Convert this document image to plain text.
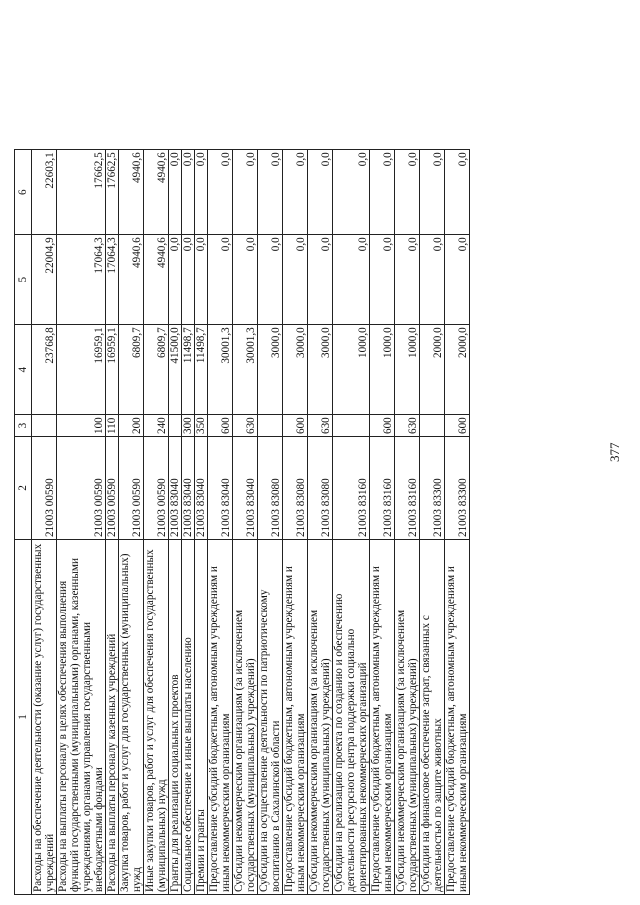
377
1	2	3	4	5	6
Расходы на обеспечение деятельности (оказание услуг) государственных учреждений	21003 00590		23768,8	22004,9	22603,1
Расходы на выплаты персоналу в целях обеспечения выполнения функций государственными (муниципальными) органами, казенными учреждениями, органами управления государственными внебюджетными фондами	21003 00590	100	16959,1	17064,3	17662,5
Расходы на выплаты персоналу казенных учреждений	21003 00590	110	16959,1	17064,3	17662,5
Закупка товаров, работ и услуг для государственных (муниципальных) нужд	21003 00590	200	6809,7	4940,6	4940,6
Иные закупки товаров, работ и услуг для обеспечения государственных (муниципальных) нужд	21003 00590	240	6809,7	4940,6	4940,6
Гранты для реализации социальных проектов	21003 83040		41500,0	0,0	0,0
Социальное обеспечение и иные выплаты населению	21003 83040	300	11498,7	0,0	0,0
Премии и гранты	21003 83040	350	11498,7	0,0	0,0
Предоставление субсидий бюджетным, автономным учреждениям и иным некоммерческим организациям	21003 83040	600	30001,3	0,0	0,0
Субсидии некоммерческим организациям (за исключением государственных (муниципальных) учреждений)	21003 83040	630	30001,3	0,0	0,0
Субсидии на осуществление деятельности по патриотическому воспитанию в Сахалинской области	21003 83080		3000,0	0,0	0,0
Предоставление субсидий бюджетным, автономным учреждениям и иным некоммерческим организациям	21003 83080	600	3000,0	0,0	0,0
Субсидии некоммерческим организациям (за исключением государственных (муниципальных) учреждений)	21003 83080	630	3000,0	0,0	0,0
Субсидии на реализацию проекта по созданию и обеспечению деятельности ресурсного центра поддержки социально ориентированных некоммерческих организаций	21003 83160		1000,0	0,0	0,0
Предоставление субсидий бюджетным, автономным учреждениям и иным некоммерческим организациям	21003 83160	600	1000,0	0,0	0,0
Субсидии некоммерческим организациям (за исключением государственных (муниципальных) учреждений)	21003 83160	630	1000,0	0,0	0,0
Субсидии на финансовое обеспечение затрат, связанных с деятельностью по защите животных	21003 83300		2000,0	0,0	0,0
Предоставление субсидий бюджетным, автономным учреждениям и иным некоммерческим организациям	21003 83300	600	2000,0	0,0	0,0
